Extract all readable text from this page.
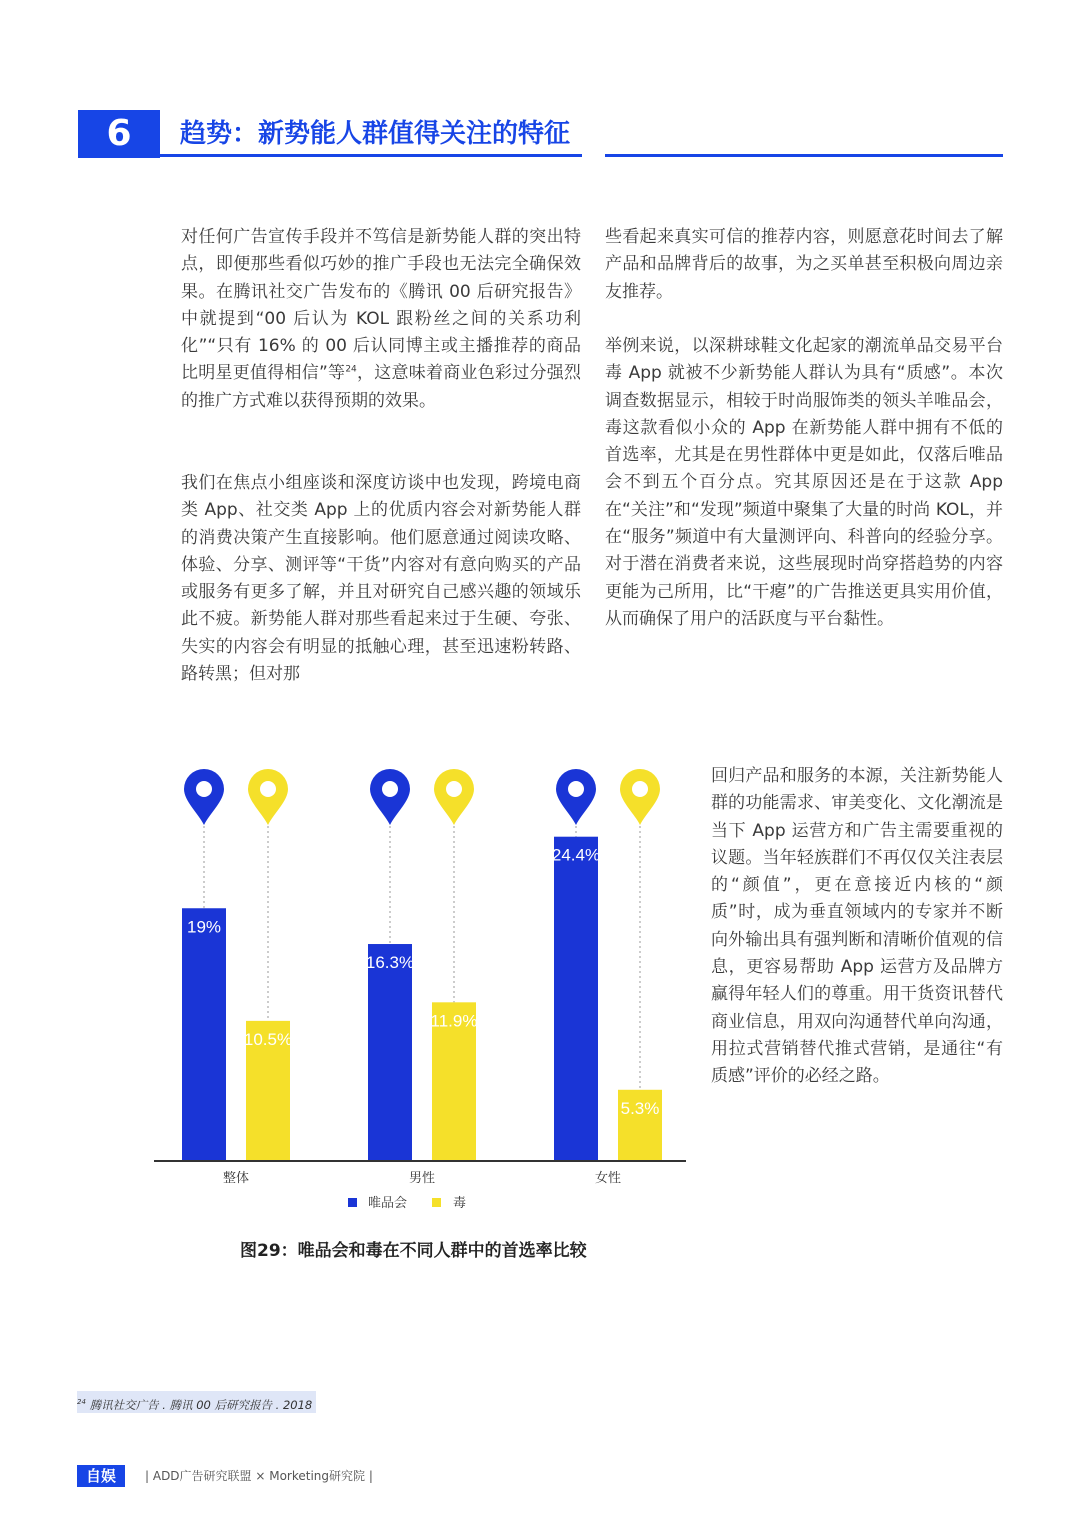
6	趋势：新势能人群值得关注的特征

对任何广告宣传手段并不笃信是新势能人群的突出特点，即便那些看似巧妙的推广手段也无法完全确保效果。在腾讯社交广告发布的《腾讯 00 后研究报告》中就提到“00 后认为 KOL 跟粉丝之间的关系功利化”“只有 16% 的 00 后认同博主或主播推荐的商品比明星更值得相信”等$^{24}$，这意味着商业色彩过分强烈的推广方式难以获得预期的效果。

我们在焦点小组座谈和深度访谈中也发现，跨境电商类 App、社交类 App 上的优质内容会对新势能人群的消费决策产生直接影响。他们愿意通过阅读攻略、体验、分享、测评等“干货”内容对有意向购买的产品或服务有更多了解，并且对研究自己感兴趣的领域乐此不疲。新势能人群对那些看起来过于生硬、夸张、失实的内容会有明显的抵触心理，甚至迅速粉转路、路转黑；但对那

些看起来真实可信的推荐内容，则愿意花时间去了解产品和品牌背后的故事，为之买单甚至积极向周边亲友推荐。

举例来说，以深耕球鞋文化起家的潮流单品交易平台毒 App 就被不少新势能人群认为具有“质感”。本次调查数据显示，相较于时尚服饰类的领头羊唯品会，毒这款看似小众的 App 在新势能人群中拥有不低的首选率，尤其是在男性群体中更是如此，仅落后唯品会不到五个百分点。究其原因还是在于这款 App 在“关注”和“发现”频道中聚集了大量的时尚 KOL，并在“服务”频道中有大量测评向、科普向的经验分享。对于潜在消费者来说，这些展现时尚穿搭趋势的内容更能为己所用，比“干瘪”的广告推送更具实用价值，从而确保了用户的活跃度与平台黏性。

回归产品和服务的本源，关注新势能人群的功能需求、审美变化、文化潮流是当下 App 运营方和广告主需要重视的议题。当年轻族群们不再仅仅关注表层的“颜值”，更在意接近内核的“颜质”时，成为垂直领域内的专家并不断向外输出具有强判断和清晰价值观的信息，更容易帮助 App 运营方及品牌方赢得年轻人们的尊重。用干货资讯替代商业信息，用双向沟通替代单向沟通，用拉式营销替代推式营销，是通往“有质感”评价的必经之路。

19%
10.5%
整体
16.3%
11.9%
男性
24.4%
5.3%
女性
唯品会	毒
图29：唯品会和毒在不同人群中的首选率比较
$^{24}$ 腾讯社交广告 . 腾讯 00 后研究报告 . 2018
自娱	| ADD广告研究联盟 × Morketing研究院 |
